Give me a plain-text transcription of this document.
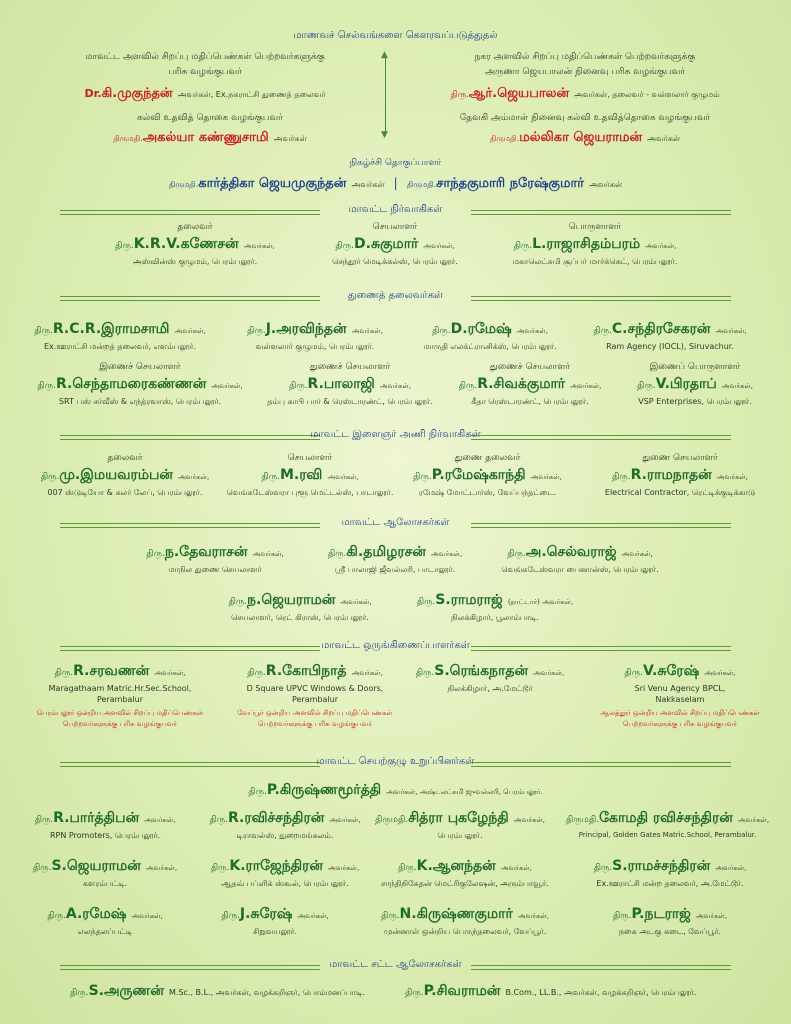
மாணவச் செல்வங்களை கௌரவப்படுத்துதல்
▲
▼
மாவட்ட அளவில் சிறப்பு மதிப்பெண்கள் பெற்றவர்களுக்கு
பரிசு வழங்குபவர்
Dr.கி.முகுந்தன் அவர்கள், Ex.நகராட்சி துணைத் தலைவர்
நகர அளவில் சிறப்பு மதிப்பெண்கள் பெற்றவர்களுக்கு
அருணா ஜெயபாலன் நினைவு பரிசு வழங்குபவர்
திரு.ஆர்.ஜெயபாலன் அவர்கள், தலைவர் - வள்ளலார் குழுமம்
கல்வி உதவித் தொகை வழங்குபவர்
திருமதி.அகல்யா கண்ணுசாமி அவர்கள்
தேவகி அம்மாள் நினைவு கல்வி உதவித்தொகை வழங்குபவர்
திருமதி.மல்லிகா ஜெயராமன் அவர்கள்
நிகழ்ச்சி தொகுப்பாளர்
திருமதி.கார்த்திகா ஜெயமுகுந்தன் அவர்கள் | திருமதி.சாந்தகுமாரி நரேஷ்குமார் அவர்கள்
மாவட்ட நிர்வாகிகள்
தலைவர்
திரு.K.R.V.கணேசன் அவர்கள்,
அஸ்வின்ஸ் குழுமம், பெரம்பலூர்.
செயலாளர்
திரு.D.சுகுமார் அவர்கள்,
செந்தூர் மெடிக்கல்ஸ், பெரம்பலூர்.
பொருளாளர்
திரு.L.ராஜாசிதம்பரம் அவர்கள்,
மகாலெட்சுமி சூப்பர் மார்க்கெட், பெரம்பலூர்.
துணைத் தலைவர்கள்
திரு.R.C.R.இராமசாமி அவர்கள்,
Ex.ஊராட்சி மன்றத் தலைவர், எளம்பலூர்.
திரு.J.அரவிந்தன் அவர்கள்,
வள்ளலார் குழுமம், பெரம்பலூர்.
திரு.D.ரமேஷ் அவர்கள்,
மாருதி எலக்ட்ரானிக்ஸ், பெரம்பலூர்.
திரு.C.சந்திரசேகரன் அவர்கள்,
Ram Agency (IOCL), Siruvachur.
இணைச் செயலாளர்
திரு.R.செந்தாமரைகண்ணன் அவர்கள்,
SRT பஸ் சர்வீஸ் & எந்த்ரவாஸ், பெரம்பலூர்.
துணைச் செயலாளர்
திரு.R.பாலாஜி அவர்கள்,
தம்பு காபி பார் & ரெஸ்டாரண்ட், பெரம்பலூர்.
துணைச் செயலாளர்
திரு.R.சிவக்குமார் அவர்கள்,
கீதா ரெஸ்டாரண்ட், பெரம்பலூர்.
இணைப் பொருளாளர்
திரு.V.பிரதாப் அவர்கள்,
VSP Enterprises, பெரம்பலூர்.
மாவட்ட இளைஞர் அணி நிர்வாகிகள்
தலைவர்
திரு.மு.இமயவரம்பன் அவர்கள்,
007 ஸ்டுடியோ & கலர் லேப், பெரம்பலூர்.
செயலாளர்
திரு.M.ரவி அவர்கள்,
வெங்கடேஸ்வரா புளூ மெட்டல்ஸ், பாடாலூர்.
துணை தலைவர்
திரு.P.ரமேஷ்காந்தி அவர்கள்,
ரமேஷ் மோட்டார்ஸ், வேப்பந்தட்டை.
துணை செயலாளர்
திரு.R.ராமநாதன் அவர்கள்,
Electrical Contractor, ரெட்டிக்குடிக்காடு
மாவட்ட ஆலோசகர்கள்
திரு.ந.தேவராசன் அவர்கள்,
மாநில துணை செயலாளர்
திரு.கி.தமிழரசன் அவர்கள்,
ஸ்ரீ பாலாஜி ஜீவல்லரி, பாடாலூர்.
திரு.அ.செல்வராஜ் அவர்கள்,
வெங்கடேஸ்வரா பைனான்ஸ், பெரம்பலூர்.
திரு.ந.ஜெயராமன் அவர்கள்,
செயலாளர், ரெட் கிராஸ், பெரம்பலூர்.
திரு.S.ராமராஜ் (நாட்டார்) அவர்கள்,
நிலக்கிழார், பூலாம்பாடி.
மாவட்ட ஒருங்கிணைப்பாளர்கள்
திரு.R.சரவணன் அவர்கள்,
Maragathaam Matric.Hr.Sec.School,
Perambalur
பெரம்பலூர் ஒன்றிய அளவில் சிறப்பு மதிப்பெண்கள்
பெற்றவர்களுக்கு பரிசு வழங்குபவர்
திரு.R.கோபிநாத் அவர்கள்,
D Square UPVC Windows & Doors,
Perambalur
வேப்பூர் ஒன்றிய அளவில் சிறப்பு மதிப்பெண்கள்
பெற்றவர்களுக்கு பரிசு வழங்குபவர்
திரு.S.ரெங்கநாதன் அவர்கள்,
நிலக்கிழார், அ.மேட்டூர்
திரு.V.சுரேஷ் அவர்கள்,
Sri Venu Agency BPCL,
Nakkaselam
ஆலத்தூர் ஒன்றிய அளவில் சிறப்பு மதிப்பெண்கள்
பெற்றவர்களுக்கு பரிசு வழங்குபவர்
மாவட்ட செயற்குழு உறுப்பினர்கள்
திரு.P.கிருஷ்ணமூர்த்தி அவர்கள், அஷ்டலட்சுமி ஜுவல்லரி, பெரம்பலூர்.
திரு.R.பார்த்திபன் அவர்கள்,
RPN Promoters, பெரம்பலூர்.
திரு.R.ரவிச்சந்திரன் அவர்கள்,
டிராவல்ஸ், துறைமங்கலம்.
திருமதி.சித்ரா புகழேந்தி அவர்கள்,
பெரம்பலூர்.
திருமதி.கோமதி ரவிச்சந்திரன் அவர்கள்,
Principal, Golden Gates Matric.School, Perambalur.
திரு.S.ஜெயராமன் அவர்கள்,
களரம்பட்டி.
திரு.K.ராஜேந்திரன் அவர்கள்,
ஆதவ் பப்ளிக் ஸ்கூல், பெரம்பலூர்.
திரு.K.ஆனந்தன் அவர்கள்,
சாந்திநிகேதன் மெட்ரிகுலேஷன், அரும்பாவூர்.
திரு.S.ராமச்சந்திரன் அவர்கள்,
Ex.ஊராட்சி மன்ற தலைவர், அ.மேட்டூர்.
திரு.A.ரமேஷ் அவர்கள்,
எலந்தலப்பட்டி
திரு.J.சுரேஷ் அவர்கள்,
சிறுவயலூர்.
திரு.N.கிருஷ்ணகுமார் அவர்கள்,
முன்னாள் ஒன்றிய பெருந்தலைவர், வேப்பூர்.
திரு.P.நடராஜ் அவர்கள்,
நகை அடகு கடை, வேப்பூர்.
மாவட்ட சட்ட ஆலோசகர்கள்
திரு.S.அருணன் M.Sc., B.L., அவர்கள், வழக்கறிஞர், பொம்மனப்பாடி.	திரு.P.சிவராமன் B.Com., LL.B., அவர்கள், வழக்கறிஞர், பெரம்பலூர்.
